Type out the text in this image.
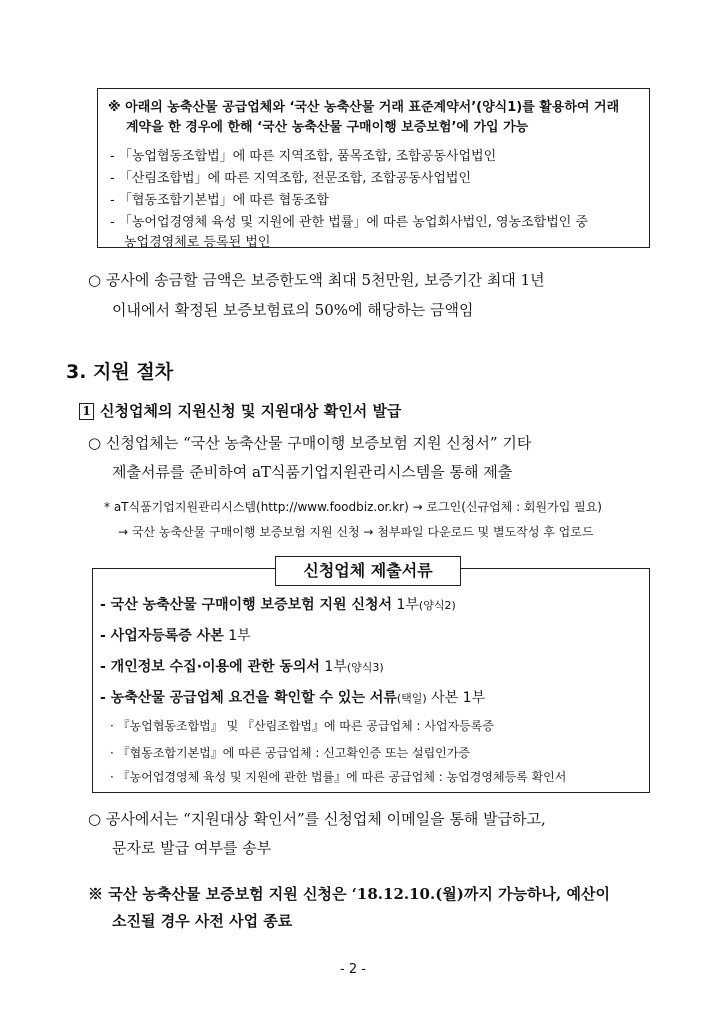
※ 아래의 농축산물 공급업체와 ‘국산 농축산물 거래 표준계약서’(양식1)를 활용하여 거래
계약을 한 경우에 한해 ‘국산 농축산물 구매이행 보증보험’에 가입 가능
- 「농업협동조합법」에 따른 지역조합, 품목조합, 조합공동사업법인
- 「산림조합법」에 따른 지역조합, 전문조합, 조합공동사업법인
- 「협동조합기본법」에 따른 협동조합
- 「농어업경영체 육성 및 지원에 관한 법률」에 따른 농업회사법인, 영농조합법인 중
농업경영체로 등록된 법인
○ 공사에 송금할 금액은 보증한도액 최대 5천만원, 보증기간 최대 1년
이내에서 확정된 보증보험료의 50%에 해당하는 금액임
3. 지원 절차
1 신청업체의 지원신청 및 지원대상 확인서 발급
○ 신청업체는 “국산 농축산물 구매이행 보증보험 지원 신청서” 기타
제출서류를 준비하여 aT식품기업지원관리시스템을 통해 제출
* aT식품기업지원관리시스템(http://www.foodbiz.or.kr) → 로그인(신규업체 : 회원가입 필요)
→ 국산 농축산물 구매이행 보증보험 지원 신청 → 첨부파일 다운로드 및 별도작성 후 업로드
신청업체 제출서류
- 국산 농축산물 구매이행 보증보험 지원 신청서 1부(양식2)
- 사업자등록증 사본 1부
- 개인정보 수집·이용에 관한 동의서 1부(양식3)
- 농축산물 공급업체 요건을 확인할 수 있는 서류(택일) 사본 1부
· 『농업협동조합법』 및 『산림조합법』에 따른 공급업체 : 사업자등록증
· 『협동조합기본법』에 따른 공급업체 : 신고확인증 또는 설립인가증
· 『농어업경영체 육성 및 지원에 관한 법률』에 따른 공급업체 : 농업경영체등록 확인서
○ 공사에서는 “지원대상 확인서”를 신청업체 이메일을 통해 발급하고,
문자로 발급 여부를 송부
※ 국산 농축산물 보증보험 지원 신청은 ‘18.12.10.(월)까지 가능하나, 예산이
소진될 경우 사전 사업 종료
- 2 -
